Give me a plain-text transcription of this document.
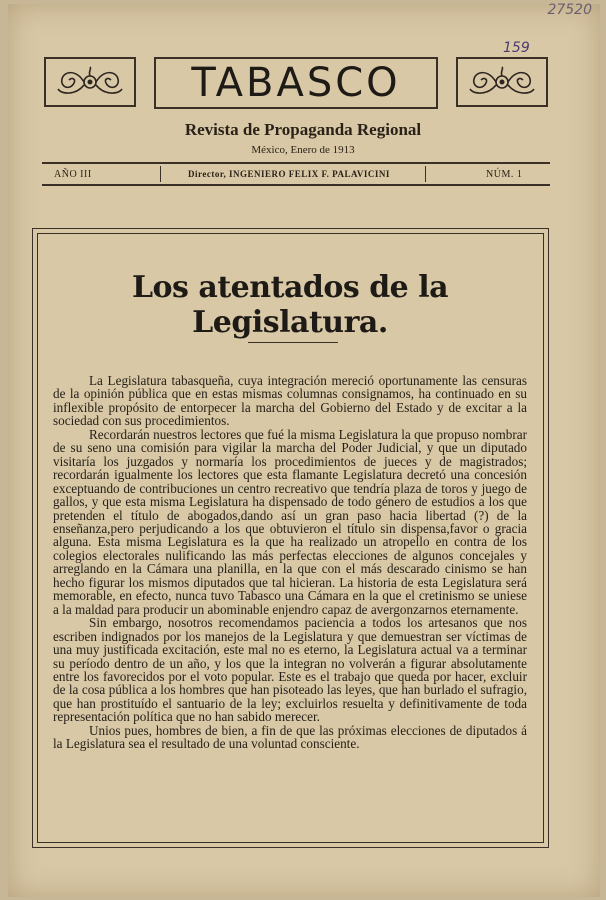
27520
159
TABASCO
Revista de Propaganda Regional
México, Enero de 1913
AÑO III	Director, INGENIERO FELIX F. PALAVICINI	NÚM. 1
Los atentados de la Legislatura.

La Legislatura tabasqueña, cuya integración mereció oportunamente las censuras de la opinión pública que en estas mismas columnas consignamos, ha continuado en su inflexible propósito de entorpecer la marcha del Gobierno del Estado y de excitar a la sociedad con sus procedimientos.

Recordarán nuestros lectores que fué la misma Legislatura la que propuso nombrar de su seno una comisión para vigilar la marcha del Poder Judicial, y que un diputado visitaría los juzgados y normaría los procedimientos de jueces y de magistrados; recordarán igualmente los lectores que esta flamante Legislatura decretó una concesión exceptuando de contribuciones un centro recreativo que tendría plaza de toros y juego de gallos, y que esta misma Legislatura ha dispensado de todo género de estudios a los que pretenden el título de abogados,dando así un gran paso hacia libertad (?) de la enseñanza,pero perjudicando a los que obtuvieron el título sin dispensa,favor o gracia alguna. Esta misma Legislatura es la que ha realizado un atropello en contra de los colegios electorales nulificando las más perfectas elecciones de algunos concejales y arreglando en la Cámara una planilla, en la que con el más descarado cinismo se han hecho figurar los mismos diputados que tal hicieran. La historia de esta Legislatura será memorable, en efecto, nunca tuvo Tabasco una Cámara en la que el cretinismo se uniese a la maldad para producir un abominable enjendro capaz de avergonzarnos eternamente.

Sin embargo, nosotros recomendamos paciencia a todos los artesanos que nos escriben indignados por los manejos de la Legislatura y que demuestran ser víctimas de una muy justificada excitación, este mal no es eterno, la Legislatura actual va a terminar su período dentro de un año, y los que la integran no volverán a figurar absolutamente entre los favorecidos por el voto popular. Este es el trabajo que queda por hacer, excluir de la cosa pública a los hombres que han pisoteado las leyes, que han burlado el sufragio, que han prostituído el santuario de la ley; excluirlos resuelta y definitivamente de toda representación política que no han sabido merecer.

Unios pues, hombres de bien, a fin de que las próximas elecciones de diputados á la Legislatura sea el resultado de una voluntad consciente.
